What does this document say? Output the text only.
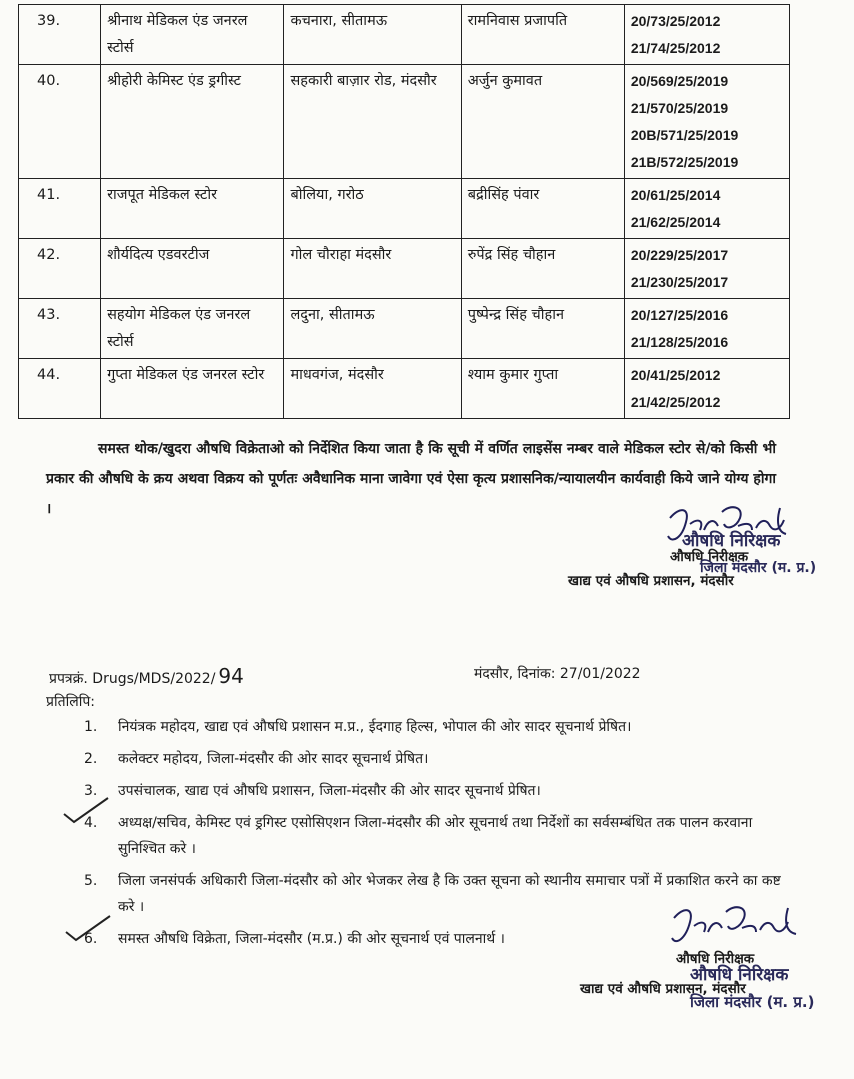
39.	श्रीनाथ मेडिकल एंड जनरल स्टोर्स	कचनारा, सीतामऊ	रामनिवास प्रजापति	20/73/25/2012
21/74/25/2012

40.	श्रीहोरी केमिस्ट एंड ड्रगीस्ट	सहकारी बाज़ार रोड, मंदसौर	अर्जुन कुमावत	20/569/25/2019
21/570/25/2019
20B/571/25/2019
21B/572/25/2019

41.	राजपूत मेडिकल स्टोर	बोलिया, गरोठ	बद्रीसिंह पंवार	20/61/25/2014
21/62/25/2014

42.	शौर्यदित्य एडवरटीज	गोल चौराहा मंदसौर	रुपेंद्र सिंह चौहान	20/229/25/2017
21/230/25/2017

43.	सहयोग मेडिकल एंड जनरल स्टोर्स	लदुना, सीतामऊ	पुष्पेन्द्र सिंह चौहान	20/127/25/2016
21/128/25/2016

44.	गुप्ता मेडिकल एंड जनरल स्टोर	माधवगंज, मंदसौर	श्याम कुमार गुप्ता	20/41/25/2012
21/42/25/2012
समस्त थोक/खुदरा औषधि विक्रेताओ को निर्देशित किया जाता है कि सूची में वर्णित लाइसेंस नम्बर वाले मेडिकल स्टोर से/को किसी भी प्रकार की औषधि के क्रय अथवा विक्रय को पूर्णतः अवैधानिक माना जावेगा एवं ऐसा कृत्य प्रशासनिक/न्यायालयीन कार्यवाही किये जाने योग्य होगा ।
औषधि निरिक्षक
औषधि निरीक्षक
जिला मंदसौर (म. प्र.)
खाद्य एवं औषधि प्रशासन, मंदसौर
प्रपत्रक्रं. Drugs/MDS/2022/ 94	मंदसौर, दिनांक: 27/01/2022
प्रतिलिपि:
1. नियंत्रक महोदय, खाद्य एवं औषधि प्रशासन म.प्र., ईदगाह हिल्स, भोपाल की ओर सादर सूचनार्थ प्रेषित।
2. कलेक्टर महोदय, जिला-मंदसौर की ओर सादर सूचनार्थ प्रेषित।
3. उपसंचालक, खाद्य एवं औषधि प्रशासन, जिला-मंदसौर की ओर सादर सूचनार्थ प्रेषित।
4. अध्यक्ष/सचिव, केमिस्ट एवं ड्रगिस्ट एसोसिएशन जिला-मंदसौर की ओर सूचनार्थ तथा निर्देशों का सर्वसम्बंधित तक पालन करवाना सुनिश्चित करे ।
5. जिला जनसंपर्क अधिकारी जिला-मंदसौर को ओर भेजकर लेख है कि उक्त सूचना को स्थानीय समाचार पत्रों में प्रकाशित करने का कष्ट करे ।
6. समस्त औषधि विक्रेता, जिला-मंदसौर (म.प्र.) की ओर सूचनार्थ एवं पालनार्थ ।
औषधि निरीक्षक
औषधि निरिक्षक
खाद्य एवं औषधि प्रशासन, मंदसौर
जिला मंदसौर (म. प्र.)
